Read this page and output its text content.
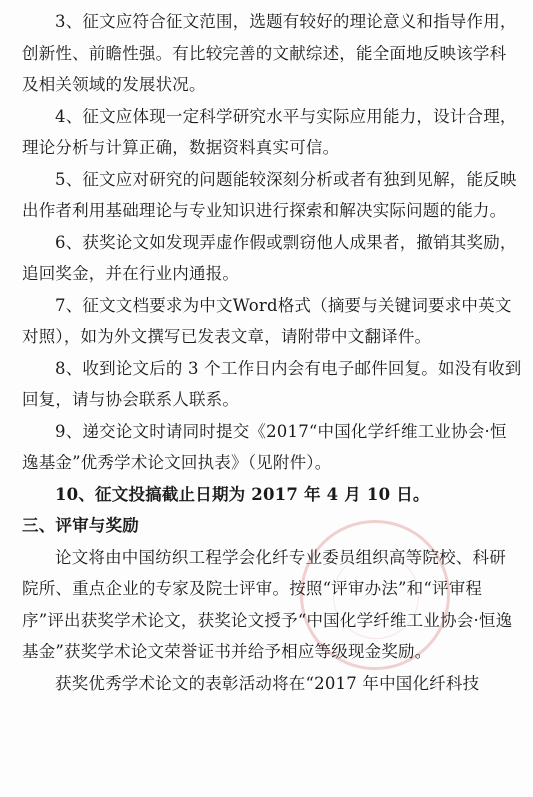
3、征文应符合征文范围，选题有较好的理论意义和指导作用，创新性、前瞻性强。有比较完善的文献综述，能全面地反映该学科及相关领域的发展状况。

4、征文应体现一定科学研究水平与实际应用能力，设计合理，理论分析与计算正确，数据资料真实可信。

5、征文应对研究的问题能较深刻分析或者有独到见解，能反映出作者利用基础理论与专业知识进行探索和解决实际问题的能力。

6、获奖论文如发现弄虚作假或剽窃他人成果者，撤销其奖励，追回奖金，并在行业内通报。

7、征文文档要求为中文Word格式（摘要与关键词要求中英文对照），如为外文撰写已发表文章，请附带中文翻译件。

8、收到论文后的 3 个工作日内会有电子邮件回复。如没有收到回复，请与协会联系人联系。

9、递交论文时请同时提交《2017“中国化学纤维工业协会·恒逸基金”优秀学术论文回执表》（见附件）。

10、征文投搞截止日期为 2017 年 4 月 10 日。

三、评审与奖励

论文将由中国纺织工程学会化纤专业委员组织高等院校、科研院所、重点企业的专家及院士评审。按照“评审办法”和“评审程序”评出获奖学术论文，获奖论文授予“中国化学纤维工业协会·恒逸基金”获奖学术论文荣誉证书并给予相应等级现金奖励。

获奖优秀学术论文的表彰活动将在“2017 年中国化纤科技
